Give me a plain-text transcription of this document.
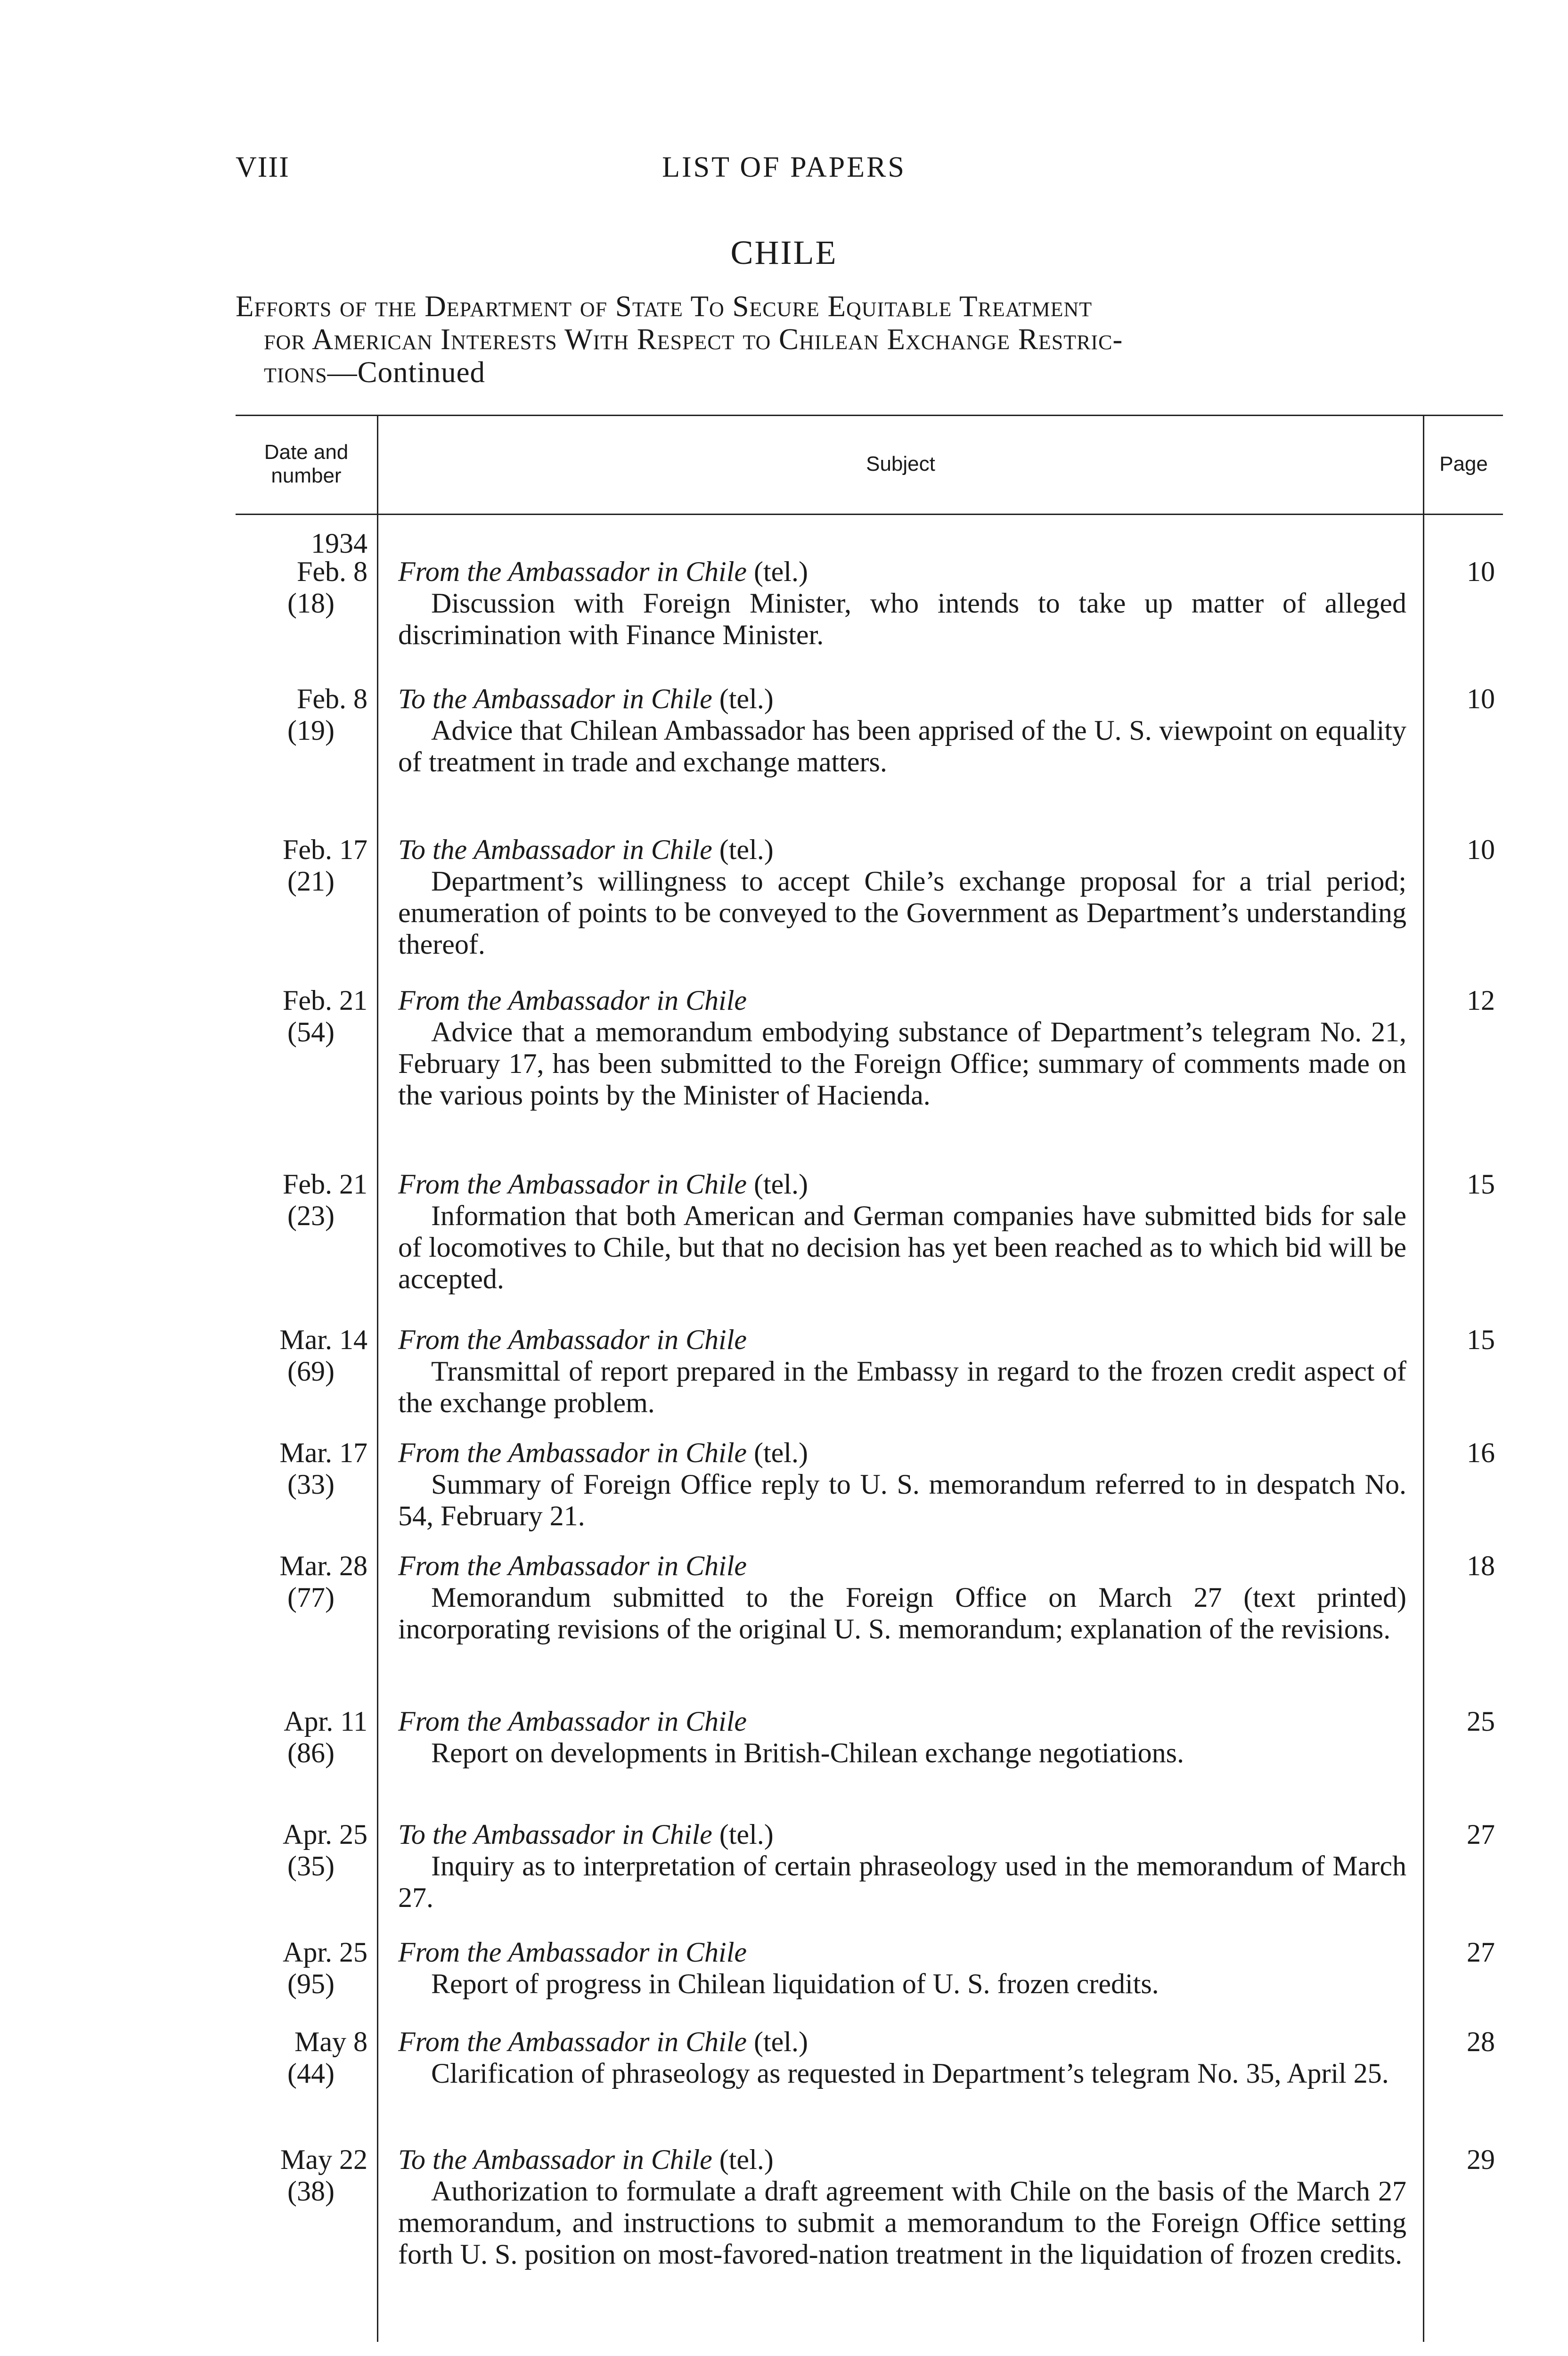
VIII	LIST OF PAPERS
CHILE
Efforts of the Department of State To Secure Equitable Treatment
for American Interests With Respect to Chilean Exchange Restric-
tions—Continued
Date and
number
Subject	Page
1934
Feb. 8
(18)
From the Ambassador in Chile (tel.)
Discussion with Foreign Minister, who intends to take up matter of alleged discrimination with Finance Minister.
10
Feb. 8
(19)
To the Ambassador in Chile (tel.)
Advice that Chilean Ambassador has been apprised of the U. S. viewpoint on equality of treatment in trade and exchange matters.
10
Feb. 17
(21)
To the Ambassador in Chile (tel.)
Department’s willingness to accept Chile’s exchange proposal for a trial period; enumeration of points to be conveyed to the Government as Department’s understanding thereof.
10
Feb. 21
(54)
From the Ambassador in Chile
Advice that a memorandum embodying substance of Department’s telegram No. 21, February 17, has been submitted to the Foreign Office; summary of comments made on the various points by the Minister of Hacienda.
12
Feb. 21
(23)
From the Ambassador in Chile (tel.)
Information that both American and German companies have submitted bids for sale of locomotives to Chile, but that no decision has yet been reached as to which bid will be accepted.
15
Mar. 14
(69)
From the Ambassador in Chile
Transmittal of report prepared in the Embassy in regard to the frozen credit aspect of the exchange problem.
15
Mar. 17
(33)
From the Ambassador in Chile (tel.)
Summary of Foreign Office reply to U. S. memorandum referred to in despatch No. 54, February 21.
16
Mar. 28
(77)
From the Ambassador in Chile
Memorandum submitted to the Foreign Office on March 27 (text printed) incorporating revisions of the original U. S. memorandum; explanation of the revisions.
18
Apr. 11
(86)
From the Ambassador in Chile
Report on developments in British-Chilean exchange negotiations.
25
Apr. 25
(35)
To the Ambassador in Chile (tel.)
Inquiry as to interpretation of certain phraseology used in the memorandum of March 27.
27
Apr. 25
(95)
From the Ambassador in Chile
Report of progress in Chilean liquidation of U. S. frozen credits.
27
May 8
(44)
From the Ambassador in Chile (tel.)
Clarification of phraseology as requested in Department’s telegram No. 35, April 25.
28
May 22
(38)
To the Ambassador in Chile (tel.)
Authorization to formulate a draft agreement with Chile on the basis of the March 27 memorandum, and instructions to submit a memorandum to the Foreign Office setting forth U. S. position on most-favored-nation treatment in the liquidation of frozen credits.
29
